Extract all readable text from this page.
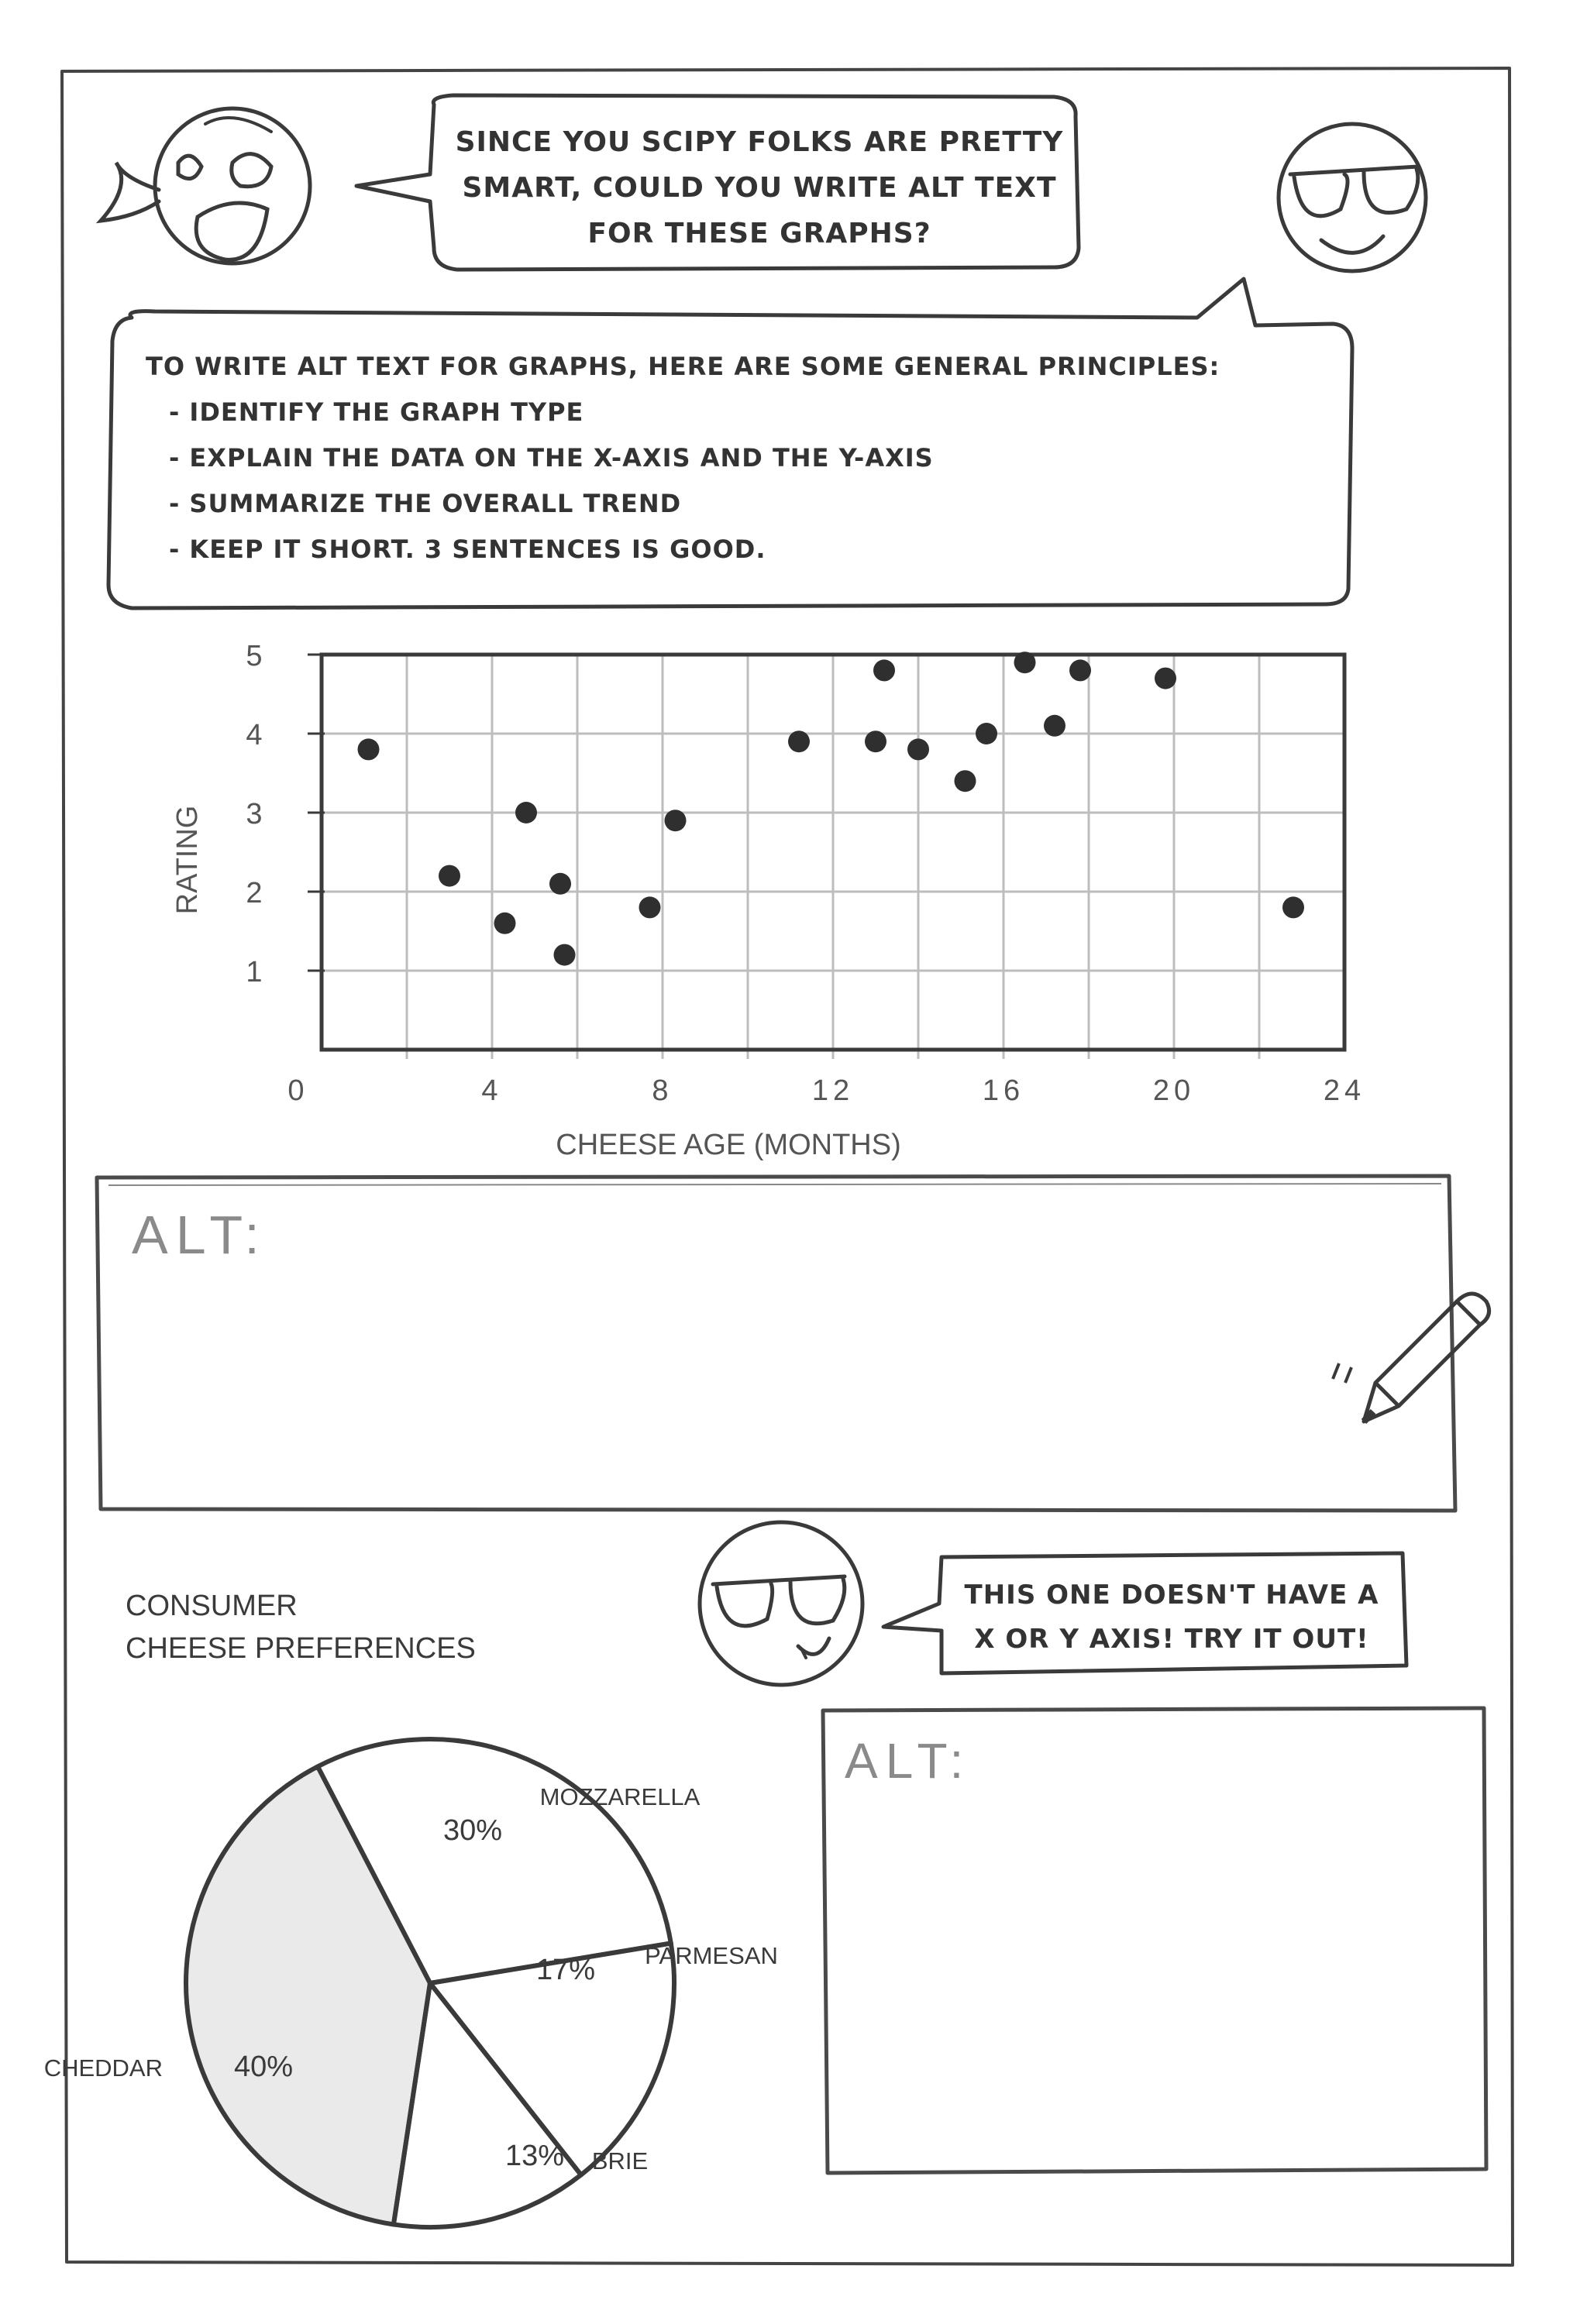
SINCE YOU SCIPY FOLKS ARE PRETTY
SMART, COULD YOU WRITE ALT TEXT
FOR THESE GRAPHS?
TO WRITE ALT TEXT FOR GRAPHS, HERE ARE SOME GENERAL PRINCIPLES:
- IDENTIFY THE GRAPH TYPE
- EXPLAIN THE DATA ON THE X-AXIS AND THE Y-AXIS
- SUMMARIZE THE OVERALL TREND
- KEEP IT SHORT. 3 SENTENCES IS GOOD.
1
2
3
4
5
0	4	8	12	16	20	24
RATING
CHEESE AGE (MONTHS)
ALT:
THIS ONE DOESN'T HAVE A
X OR Y AXIS! TRY IT OUT!
CONSUMER
CHEESE PREFERENCES
40%
CHEDDAR
30%
MOZZARELLA
17% PARMESAN
13% BRIE
ALT:
